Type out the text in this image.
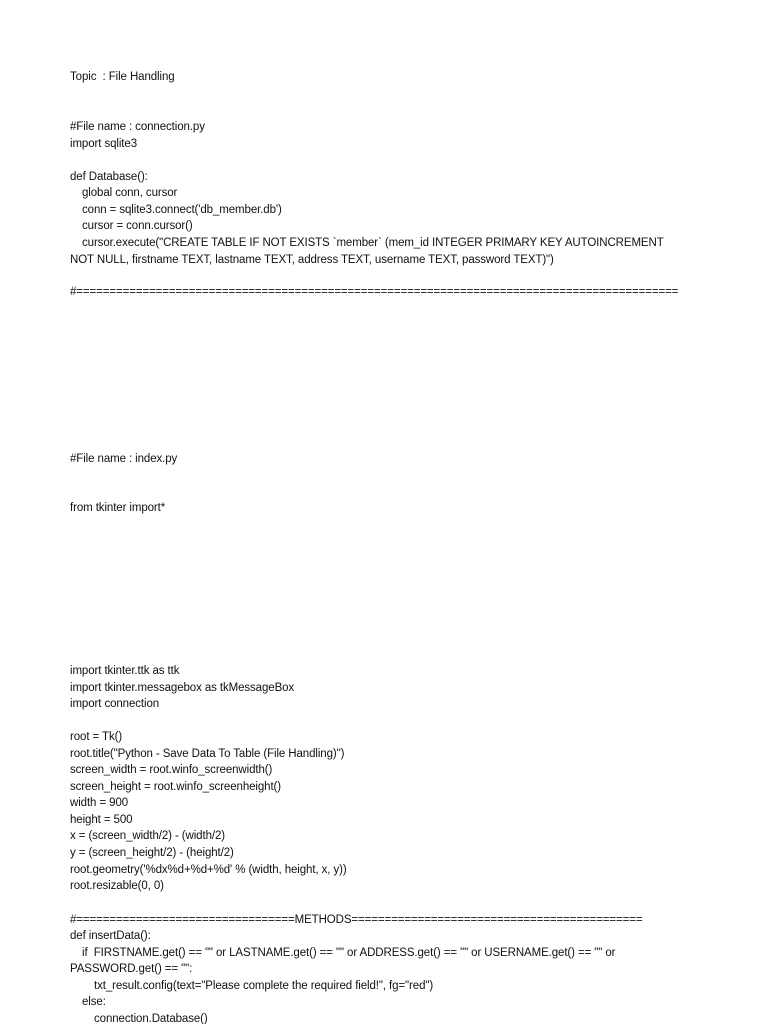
Topic  : File Handling
#File name : connection.py
import sqlite3
def Database():
global conn, cursor
conn = sqlite3.connect('db_member.db')
cursor = conn.cursor()
cursor.execute("CREATE TABLE IF NOT EXISTS `member` (mem_id INTEGER PRIMARY KEY AUTOINCREMENT
NOT NULL, firstname TEXT, lastname TEXT, address TEXT, username TEXT, password TEXT)")
#===========================================================================================
#File name : index.py
from tkinter import*
import tkinter.ttk as ttk
import tkinter.messagebox as tkMessageBox
import connection
root = Tk()
root.title("Python - Save Data To Table (File Handling)")
screen_width = root.winfo_screenwidth()
screen_height = root.winfo_screenheight()
width = 900
height = 500
x = (screen_width/2) - (width/2)
y = (screen_height/2) - (height/2)
root.geometry('%dx%d+%d+%d' % (width, height, x, y))
root.resizable(0, 0)
#=================================METHODS============================================
def insertData():
if  FIRSTNAME.get() == "" or LASTNAME.get() == "" or ADDRESS.get() == "" or USERNAME.get() == "" or
PASSWORD.get() == "":
txt_result.config(text="Please complete the required field!", fg="red")
else:
connection.Database()
